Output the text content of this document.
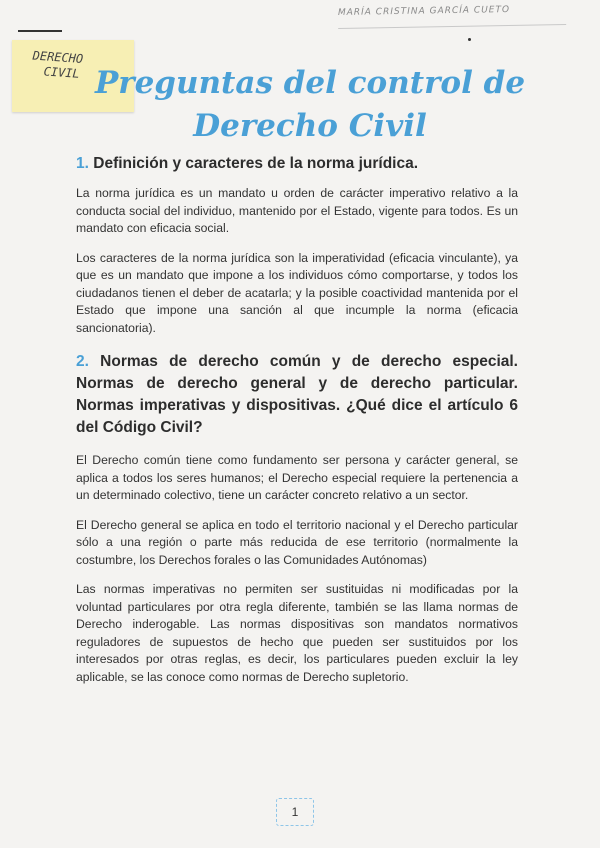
MARÍA CRISTINA GARCÍA CUETO
DERECHO
CIVIL Preguntas del control de
Derecho Civil
1. Definición y caracteres de la norma jurídica.

La norma jurídica es un mandato u orden de carácter imperativo relativo a la conducta social del individuo, mantenido por el Estado, vigente para todos. Es un mandato con eficacia social.

Los caracteres de la norma jurídica son la imperatividad (eficacia vinculante), ya que es un mandato que impone a los individuos cómo comportarse, y todos los ciudadanos tienen el deber de acatarla; y la posible coactividad mantenida por el Estado que impone una sanción al que incumple la norma (eficacia sancionatoria).

2. Normas de derecho común y de derecho especial. Normas de derecho general y de derecho particular. Normas imperativas y dispositivas. ¿Qué dice el artículo 6 del Código Civil?

El Derecho común tiene como fundamento ser persona y carácter general, se aplica a todos los seres humanos; el Derecho especial requiere la pertenencia a un determinado colectivo, tiene un carácter concreto relativo a un sector.

El Derecho general se aplica en todo el territorio nacional y el Derecho particular sólo a una región o parte más reducida de ese territorio (normalmente la costumbre, los Derechos forales o las Comunidades Autónomas)

Las normas imperativas no permiten ser sustituidas ni modificadas por la voluntad particulares por otra regla diferente, también se las llama normas de Derecho inderogable. Las normas dispositivas son mandatos normativos reguladores de supuestos de hecho que pueden ser sustituidos por los interesados por otras reglas, es decir, los particulares pueden excluir la ley aplicable, se las conoce como normas de Derecho supletorio.

1
